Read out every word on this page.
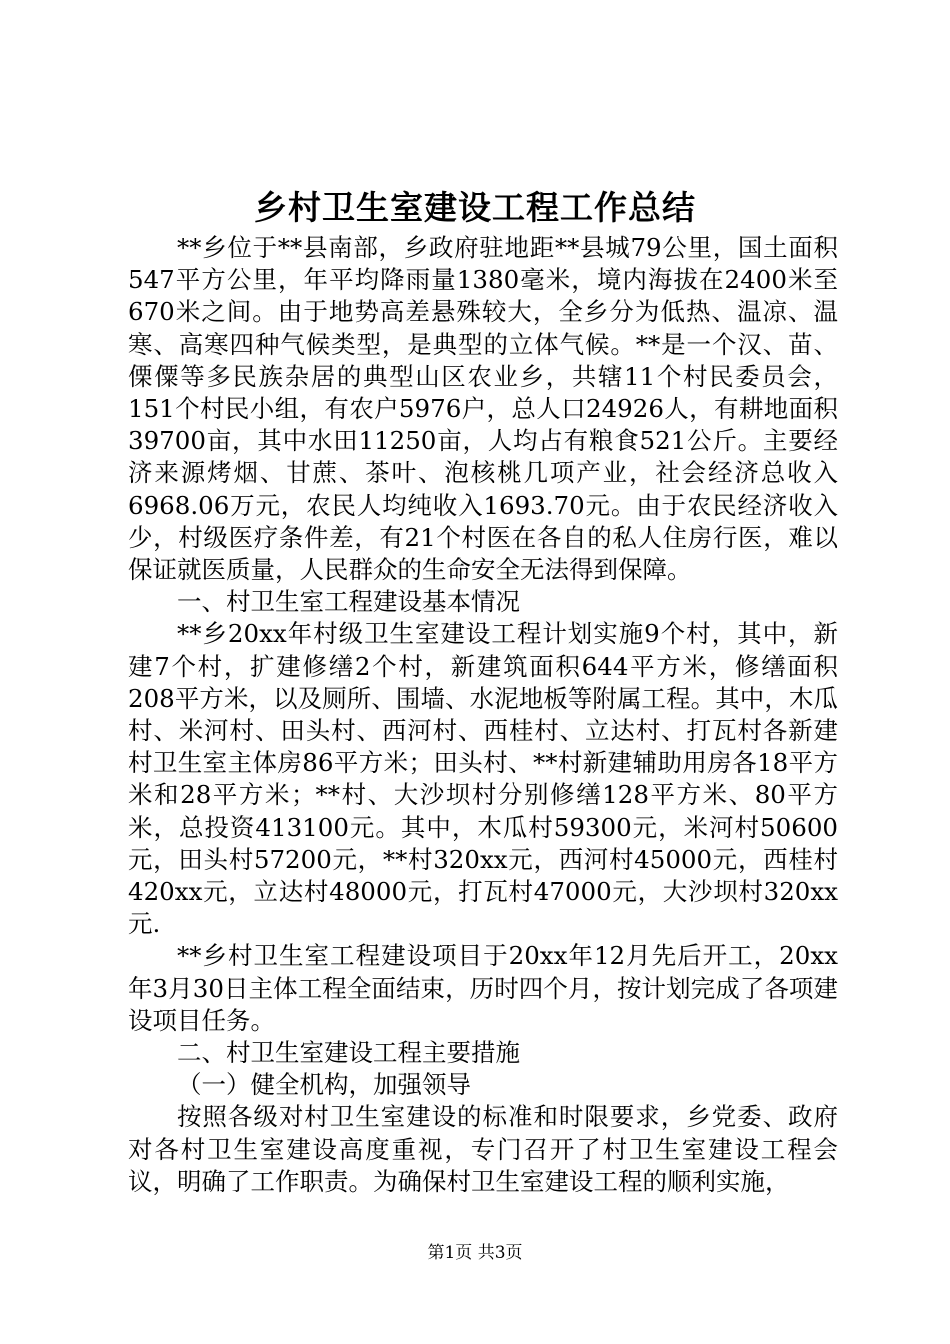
乡村卫生室建设工程工作总结

**乡位于**县南部，乡政府驻地距**县城79公里，国土面积547平方公里，年平均降雨量1380毫米，境内海拔在2400米至670米之间。由于地势高差悬殊较大，全乡分为低热、温凉、温寒、高寒四种气候类型，是典型的立体气候。**是一个汉、苗、傈僳等多民族杂居的典型山区农业乡，共辖11个村民委员会，151个村民小组，有农户5976户，总人口24926人，有耕地面积39700亩，其中水田11250亩，人均占有粮食521公斤。主要经济来源烤烟、甘蔗、茶叶、泡核桃几项产业，社会经济总收入6968.06万元，农民人均纯收入1693.70元。由于农民经济收入少，村级医疗条件差，有21个村医在各自的私人住房行医，难以保证就医质量，人民群众的生命安全无法得到保障。

一、村卫生室工程建设基本情况

**乡20xx年村级卫生室建设工程计划实施9个村，其中，新建7个村，扩建修缮2个村，新建筑面积644平方米，修缮面积208平方米，以及厕所、围墙、水泥地板等附属工程。其中，木瓜村、米河村、田头村、西河村、西桂村、立达村、打瓦村各新建村卫生室主体房86平方米；田头村、**村新建辅助用房各18平方米和28平方米；**村、大沙坝村分别修缮128平方米、80平方米，总投资413100元。其中，木瓜村59300元，米河村50600元，田头村57200元，**村320xx元，西河村45000元，西桂村420xx元，立达村48000元，打瓦村47000元，大沙坝村320xx元.

**乡村卫生室工程建设项目于20xx年12月先后开工，20xx年3月30日主体工程全面结束，历时四个月，按计划完成了各项建设项目任务。

二、村卫生室建设工程主要措施

（一）健全机构，加强领导

按照各级对村卫生室建设的标准和时限要求，乡党委、政府对各村卫生室建设高度重视，专门召开了村卫生室建设工程会议，明确了工作职责。为确保村卫生室建设工程的顺利实施，

第1页 共3页
